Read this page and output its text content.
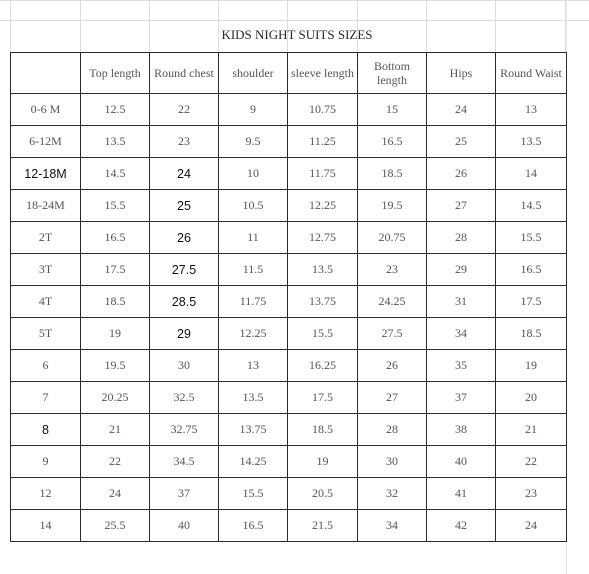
KIDS NIGHT SUITS SIZES
	Top length	Round chest	shoulder	sleeve length	Bottom length	Hips	Round Waist
0-6 M	12.5	22	9	10.75	15	24	13
6-12M	13.5	23	9.5	11.25	16.5	25	13.5
12-18M	14.5	24	10	11.75	18.5	26	14
18-24M	15.5	25	10.5	12.25	19.5	27	14.5
2T	16.5	26	11	12.75	20.75	28	15.5
3T	17.5	27.5	11.5	13.5	23	29	16.5
4T	18.5	28.5	11.75	13.75	24.25	31	17.5
5T	19	29	12.25	15.5	27.5	34	18.5
6	19.5	30	13	16.25	26	35	19
7	20.25	32.5	13.5	17.5	27	37	20
8	21	32.75	13.75	18.5	28	38	21
9	22	34.5	14.25	19	30	40	22
12	24	37	15.5	20.5	32	41	23
14	25.5	40	16.5	21.5	34	42	24
